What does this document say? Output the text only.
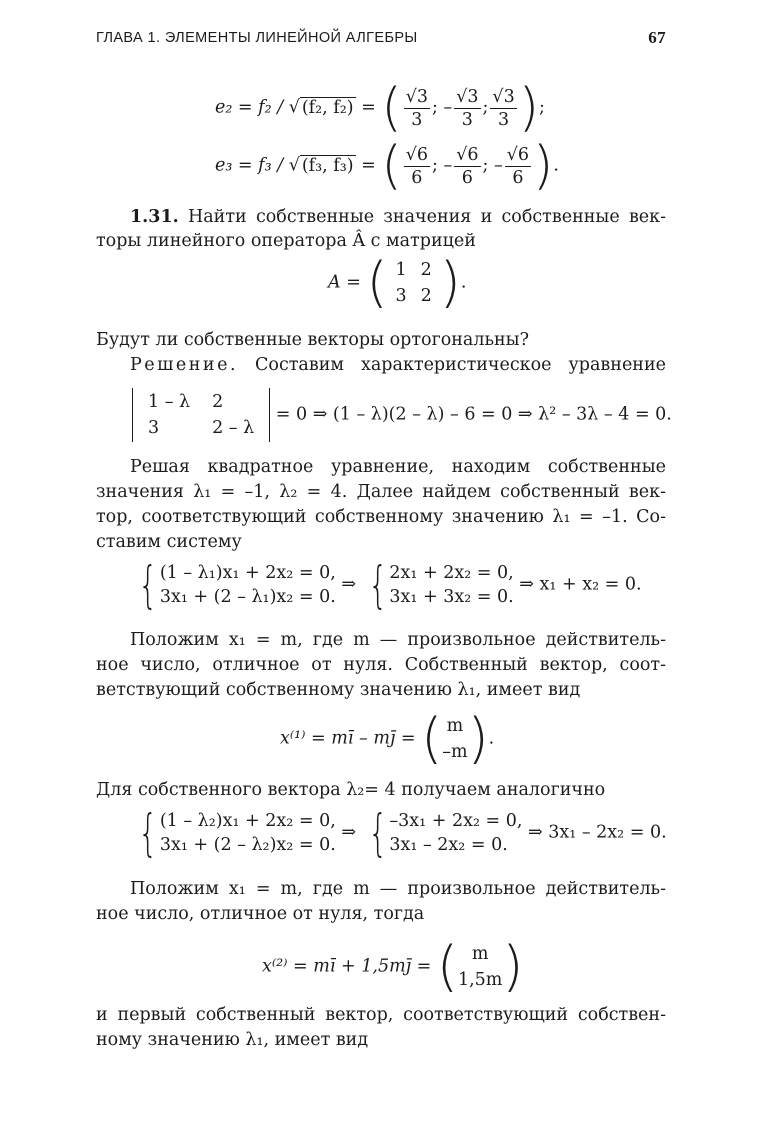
ГЛАВА 1. ЭЛЕМЕНТЫ ЛИНЕЙНОЙ АЛГЕБРЫ	67
e₂ = f₂ / √ (f₂, f₂) = ( $\frac{√3}{3}$ ; – $\frac{√3}{3}$ ; $\frac{√3}{3}$ );
e₃ = f₃ / √ (f₃, f₃) = ( $\frac{√6}{6}$ ; – $\frac{√6}{6}$ ; – $\frac{√6}{6}$ ).
1.31. Найти собственные значения и собственные век-
торы линейного оператора Â с матрицей
A = ( 1	2
3	2 ).
Будут ли собственные векторы ортогональны?
Решение. Составим характеристическое уравнение
1 – λ	2
3	2 – λ = 0 ⇒ (1 – λ)(2 – λ) – 6 = 0 ⇒ λ² – 3λ – 4 = 0.
Решая квадратное уравнение, находим собственные
значения λ₁ = –1, λ₂ = 4. Далее найдем собственный век-
тор, соответствующий собственному значению λ₁ = –1. Со-
ставим систему
{ (1 – λ₁)x₁ + 2x₂ = 0,
3x₁ + (2 – λ₁)x₂ = 0.
⇒ { 2x₁ + 2x₂ = 0,
3x₁ + 3x₂ = 0.
⇒ x₁ + x₂ = 0.
Положим x₁ = m, где m — произвольное действитель-
ное число, отличное от нуля. Собственный вектор, соот-
ветствующий собственному значению λ₁, имеет вид
x⁽¹⁾ = mī – mj̄ = ( m
–m ).
Для собственного вектора λ₂= 4 получаем аналогично
{ (1 – λ₂)x₁ + 2x₂ = 0,
3x₁ + (2 – λ₂)x₂ = 0.
⇒ { –3x₁ + 2x₂ = 0,
3x₁ – 2x₂ = 0.
⇒ 3x₁ – 2x₂ = 0.
Положим x₁ = m, где m — произвольное действитель-
ное число, отличное от нуля, тогда
x⁽²⁾ = mī + 1,5mj̄ = ( m
1,5m )
и первый собственный вектор, соответствующий собствен-
ному значению λ₁, имеет вид
